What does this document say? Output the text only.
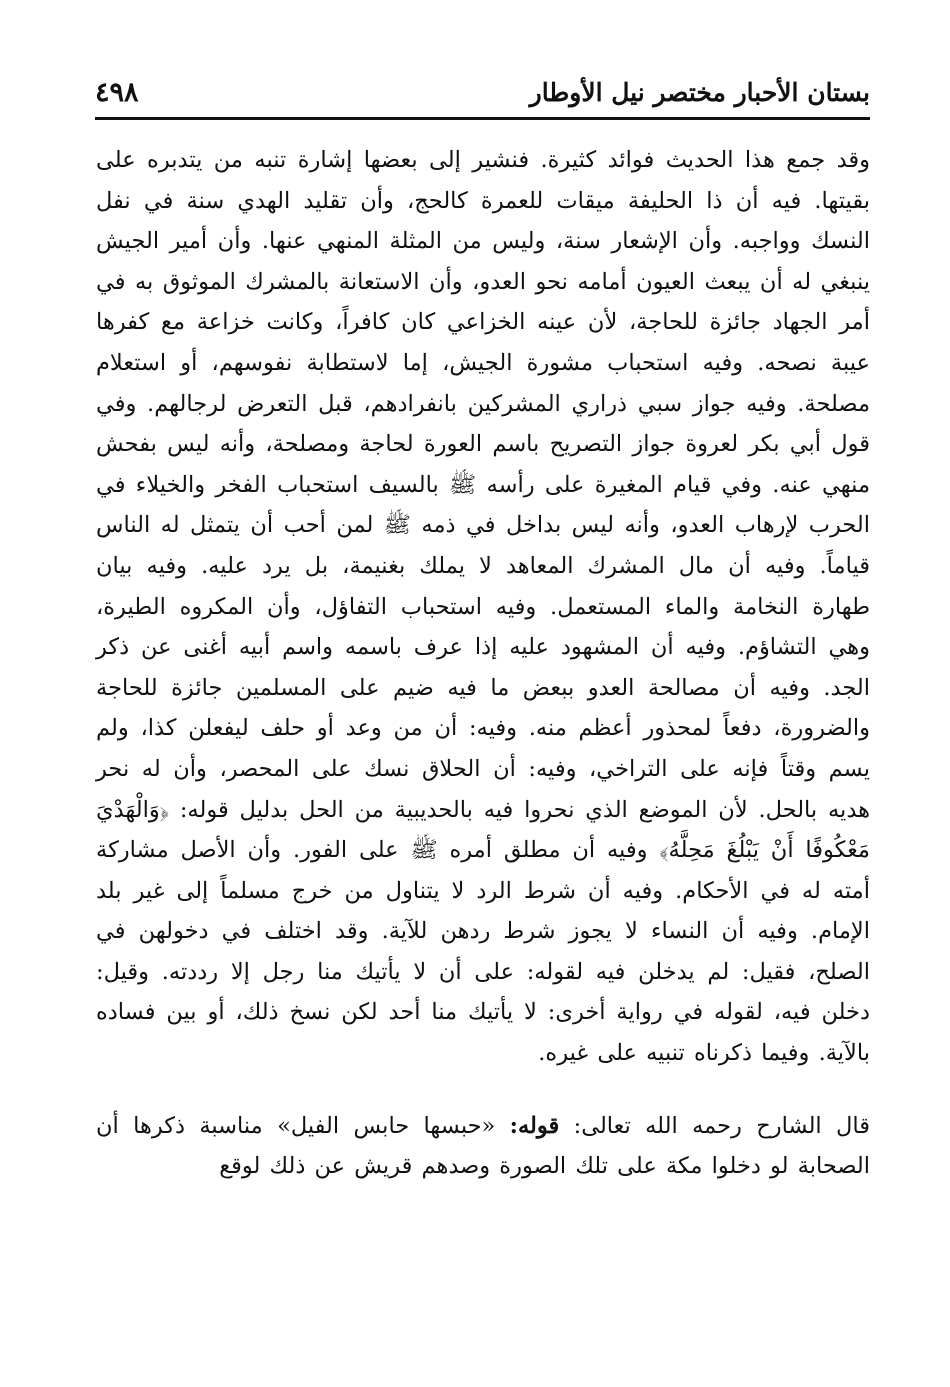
٤٩٨	بستان الأحبار مختصر نيل الأوطار

وقد جمع هذا الحديث فوائد كثيرة. فنشير إلى بعضها إشارة تنبه من يتدبره على بقيتها. فيه أن ذا الحليفة ميقات للعمرة كالحج، وأن تقليد الهدي سنة في نفل النسك وواجبه. وأن الإشعار سنة، وليس من المثلة المنهي عنها. وأن أمير الجيش ينبغي له أن يبعث العيون أمامه نحو العدو، وأن الاستعانة بالمشرك الموثوق به في أمر الجهاد جائزة للحاجة، لأن عينه الخزاعي كان كافراً، وكانت خزاعة مع كفرها عيبة نصحه. وفيه استحباب مشورة الجيش، إما لاستطابة نفوسهم، أو استعلام مصلحة. وفيه جواز سبي ذراري المشركين بانفرادهم، قبل التعرض لرجالهم. وفي قول أبي بكر لعروة جواز التصريح باسم العورة لحاجة ومصلحة، وأنه ليس بفحش منهي عنه. وفي قيام المغيرة على رأسه ﷺ بالسيف استحباب الفخر والخيلاء في الحرب لإرهاب العدو، وأنه ليس بداخل في ذمه ﷺ لمن أحب أن يتمثل له الناس قياماً. وفيه أن مال المشرك المعاهد لا يملك بغنيمة، بل يرد عليه. وفيه بيان طهارة النخامة والماء المستعمل. وفيه استحباب التفاؤل، وأن المكروه الطيرة، وهي التشاؤم. وفيه أن المشهود عليه إذا عرف باسمه واسم أبيه أغنى عن ذكر الجد. وفيه أن مصالحة العدو ببعض ما فيه ضيم على المسلمين جائزة للحاجة والضرورة، دفعاً لمحذور أعظم منه. وفيه: أن من وعد أو حلف ليفعلن كذا، ولم يسم وقتاً فإنه على التراخي، وفيه: أن الحلاق نسك على المحصر، وأن له نحر هديه بالحل. لأن الموضع الذي نحروا فيه بالحديبية من الحل بدليل قوله: ﴿وَالْهَدْيَ مَعْكُوفًا أَنْ يَبْلُغَ مَحِلَّهُ﴾ وفيه أن مطلق أمره ﷺ على الفور. وأن الأصل مشاركة أمته له في الأحكام. وفيه أن شرط الرد لا يتناول من خرج مسلماً إلى غير بلد الإمام. وفيه أن النساء لا يجوز شرط ردهن للآية. وقد اختلف في دخولهن في الصلح، فقيل: لم يدخلن فيه لقوله: على أن لا يأتيك منا رجل إلا رددته. وقيل: دخلن فيه، لقوله في رواية أخرى: لا يأتيك منا أحد لكن نسخ ذلك، أو بين فساده بالآية. وفيما ذكرناه تنبيه على غيره.

قال الشارح رحمه الله تعالى: قوله: «حبسها حابس الفيل» مناسبة ذكرها أن الصحابة لو دخلوا مكة على تلك الصورة وصدهم قريش عن ذلك لوقع
